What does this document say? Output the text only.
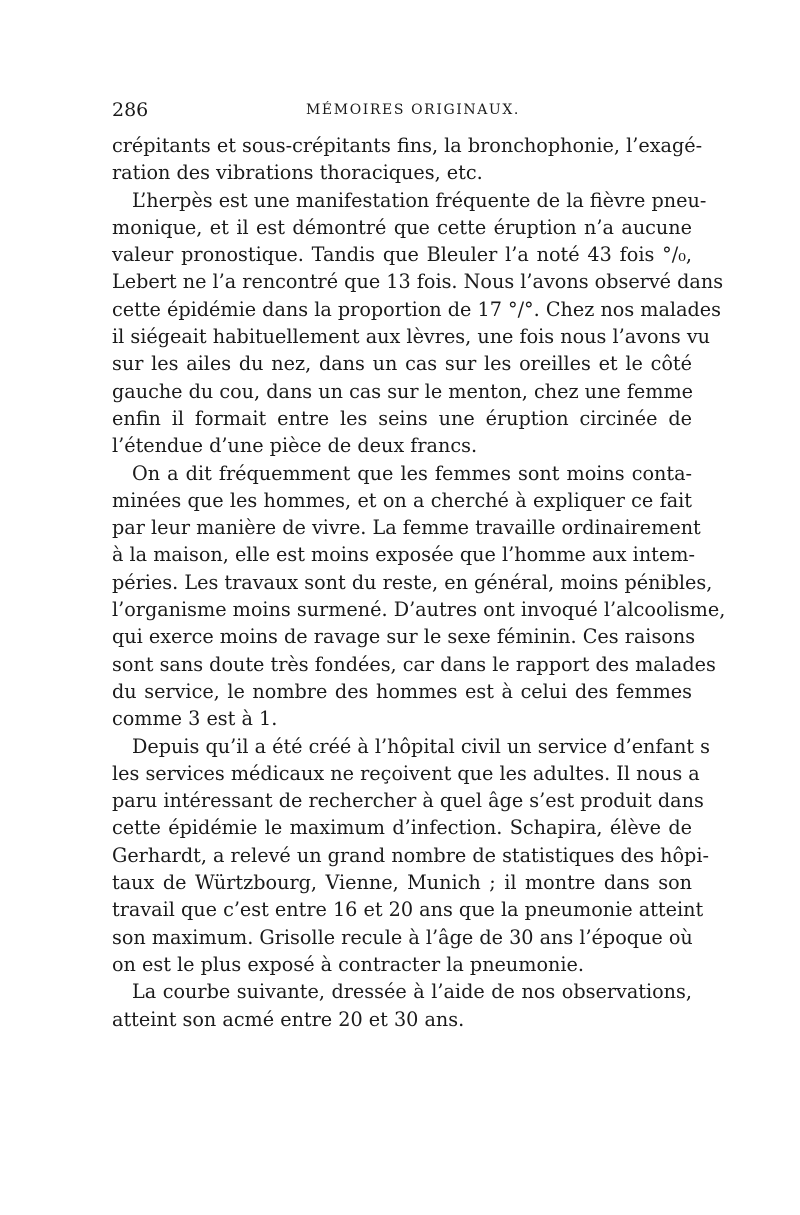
286	MÉMOIRES ORIGINAUX.

crépitants et sous-crépitants fins, la bronchophonie, l’exagé-
ration des vibrations thoraciques, etc.

L’herpès est une manifestation fréquente de la fièvre pneu-
monique, et il est démontré que cette éruption n’a aucune
valeur pronostique. Tandis que Bleuler l’a noté 43 fois °/₀,
Lebert ne l’a rencontré que 13 fois. Nous l’avons observé dans
cette épidémie dans la proportion de 17 °/°. Chez nos malades
il siégeait habituellement aux lèvres, une fois nous l’avons vu
sur les ailes du nez, dans un cas sur les oreilles et le côté
gauche du cou, dans un cas sur le menton, chez une femme
enfin il formait entre les seins une éruption circinée de
l’étendue d’une pièce de deux francs.

On a dit fréquemment que les femmes sont moins conta-
minées que les hommes, et on a cherché à expliquer ce fait
par leur manière de vivre. La femme travaille ordinairement
à la maison, elle est moins exposée que l’homme aux intem-
péries. Les travaux sont du reste, en général, moins pénibles,
l’organisme moins surmené. D’autres ont invoqué l’alcoolisme,
qui exerce moins de ravage sur le sexe féminin. Ces raisons
sont sans doute très fondées, car dans le rapport des malades
du service, le nombre des hommes est à celui des femmes
comme 3 est à 1.

Depuis qu’il a été créé à l’hôpital civil un service d’enfant s
les services médicaux ne reçoivent que les adultes. Il nous a
paru intéressant de rechercher à quel âge s’est produit dans
cette épidémie le maximum d’infection. Schapira, élève de
Gerhardt, a relevé un grand nombre de statistiques des hôpi-
taux de Würtzbourg, Vienne, Munich ; il montre dans son
travail que c’est entre 16 et 20 ans que la pneumonie atteint
son maximum. Grisolle recule à l’âge de 30 ans l’époque où
on est le plus exposé à contracter la pneumonie.

La courbe suivante, dressée à l’aide de nos observations,
atteint son acmé entre 20 et 30 ans.
